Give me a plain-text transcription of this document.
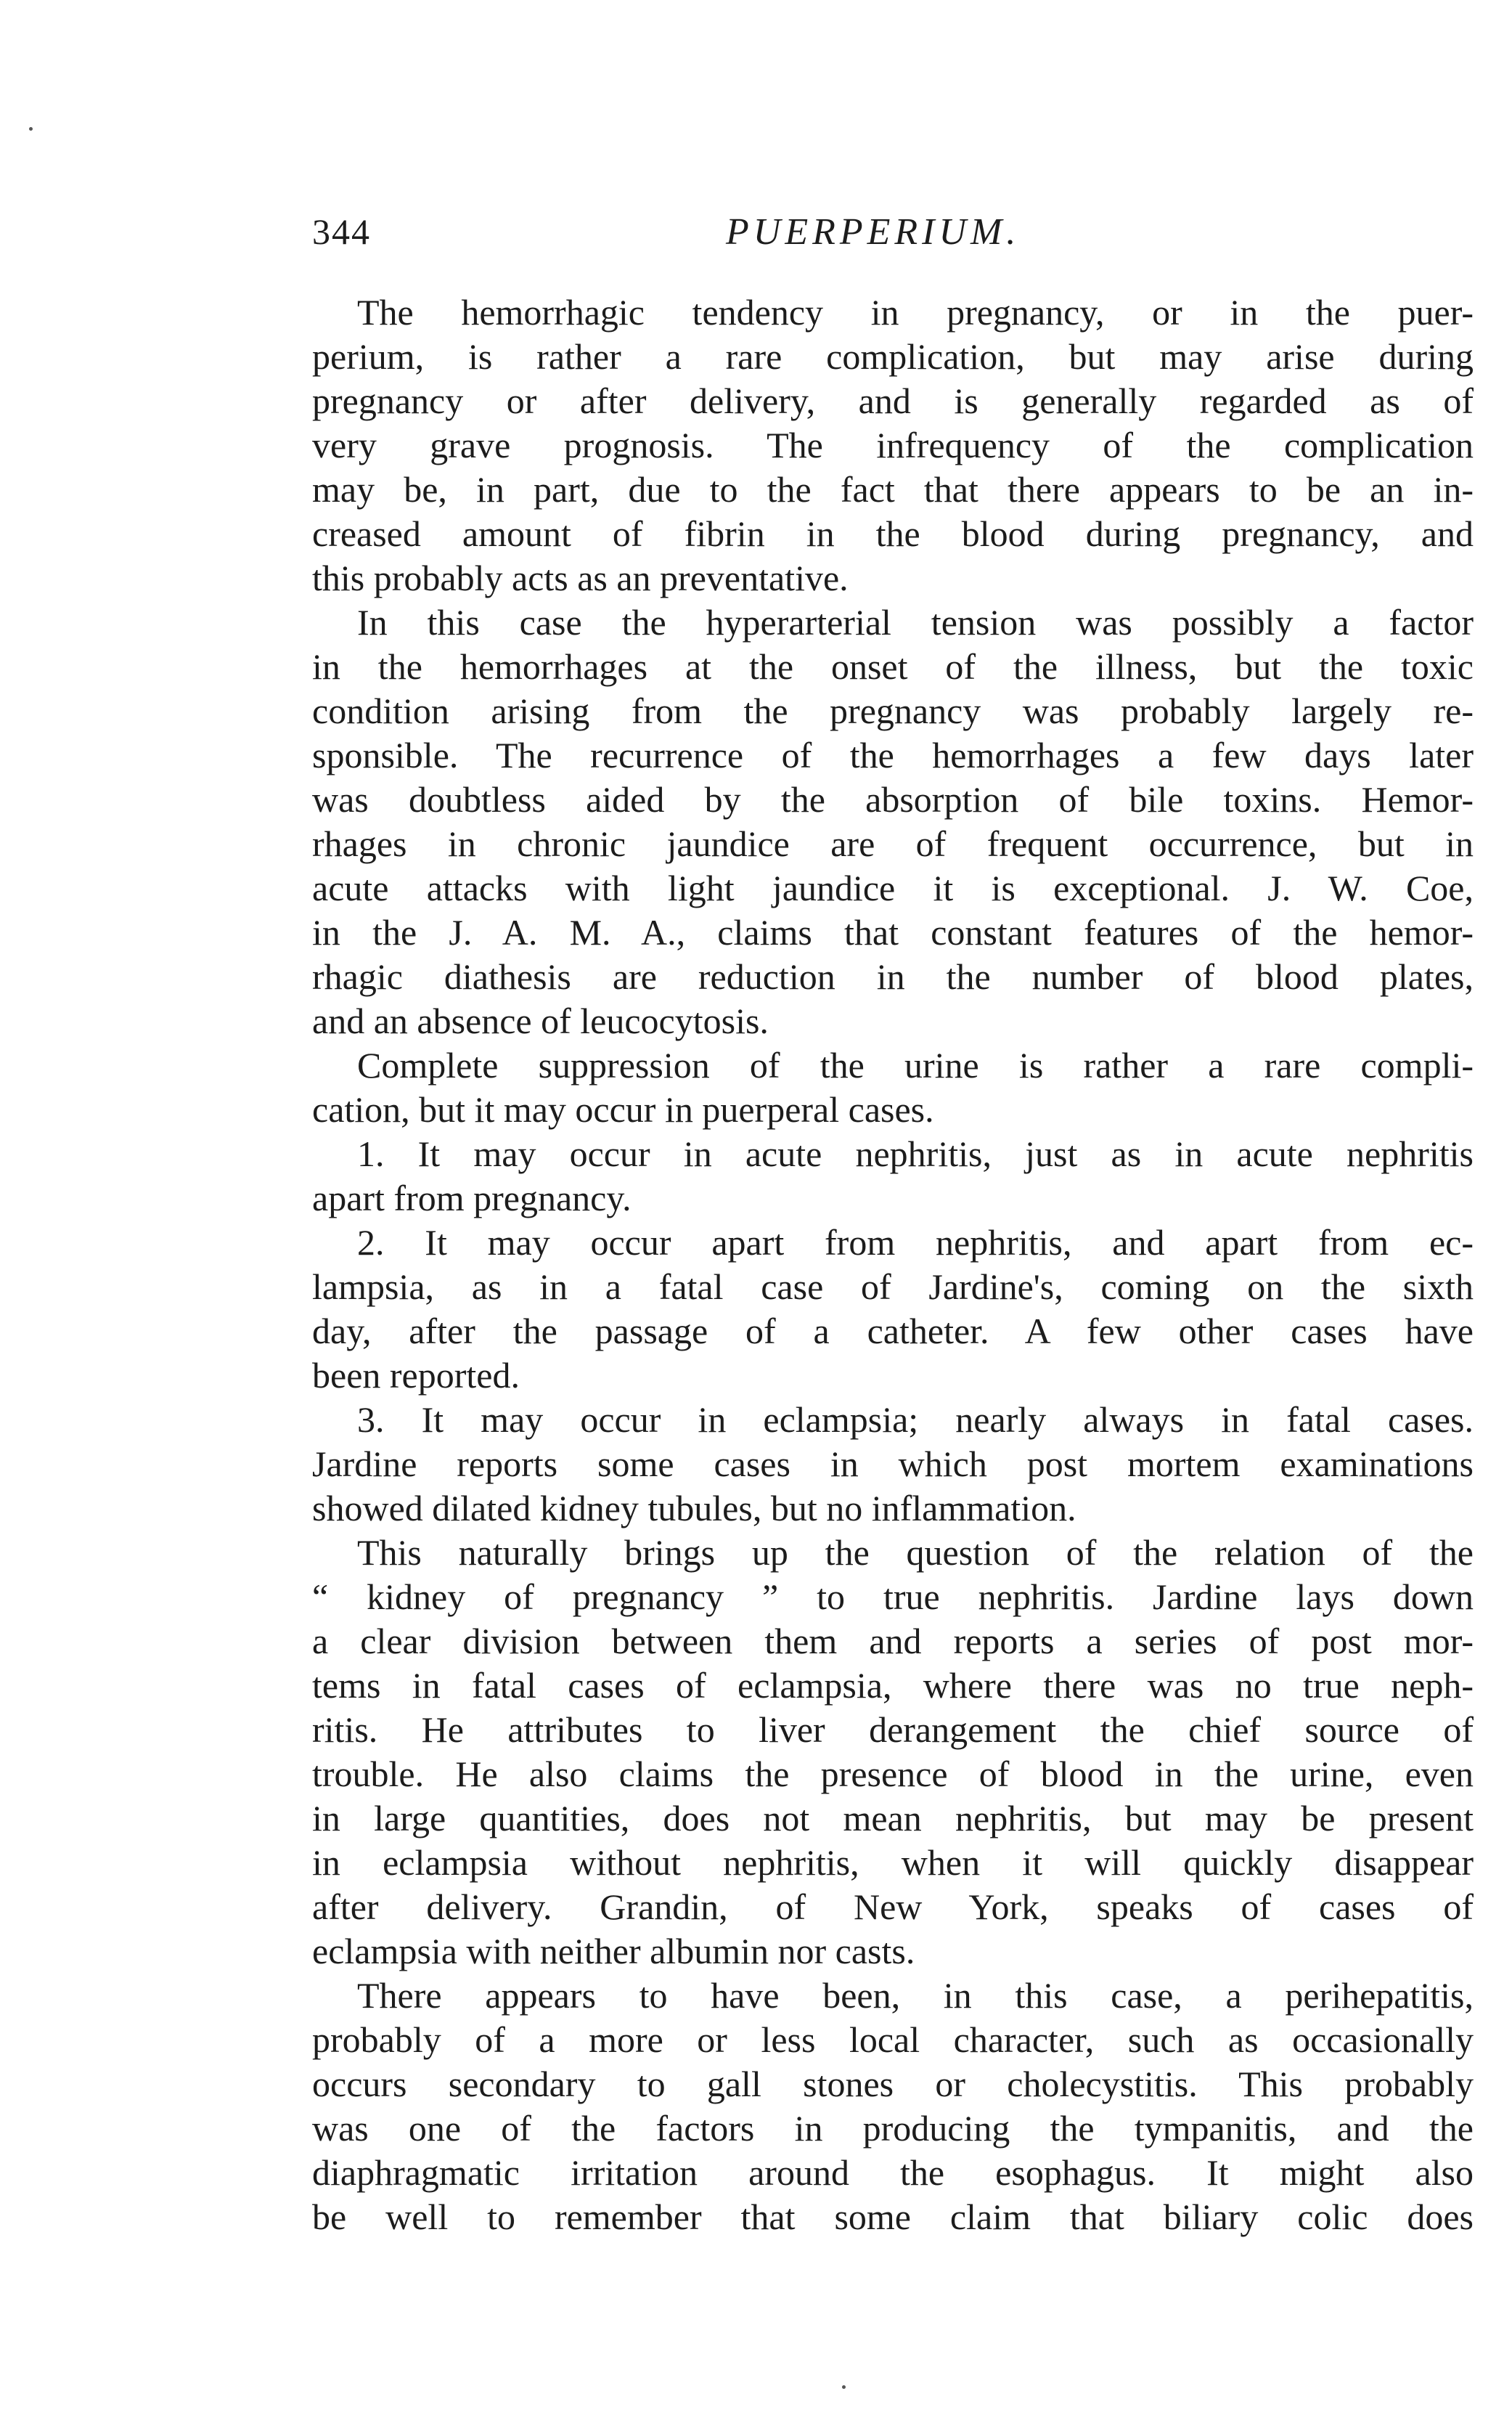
344	PUERPERIUM.
The hemorrhagic tendency in pregnancy, or in the puer-
perium, is rather a rare complication, but may arise during
pregnancy or after delivery, and is generally regarded as of
very grave prognosis. The infrequency of the complication
may be, in part, due to the fact that there appears to be an in-
creased amount of fibrin in the blood during pregnancy, and
this probably acts as an preventative.
In this case the hyperarterial tension was possibly a factor
in the hemorrhages at the onset of the illness, but the toxic
condition arising from the pregnancy was probably largely re-
sponsible. The recurrence of the hemorrhages a few days later
was doubtless aided by the absorption of bile toxins. Hemor-
rhages in chronic jaundice are of frequent occurrence, but in
acute attacks with light jaundice it is exceptional. J. W. Coe,
in the J. A. M. A., claims that constant features of the hemor-
rhagic diathesis are reduction in the number of blood plates,
and an absence of leucocytosis.
Complete suppression of the urine is rather a rare compli-
cation, but it may occur in puerperal cases.
1. It may occur in acute nephritis, just as in acute nephritis
apart from pregnancy.
2. It may occur apart from nephritis, and apart from ec-
lampsia, as in a fatal case of Jardine's, coming on the sixth
day, after the passage of a catheter. A few other cases have
been reported.
3. It may occur in eclampsia; nearly always in fatal cases.
Jardine reports some cases in which post mortem examinations
showed dilated kidney tubules, but no inflammation.
This naturally brings up the question of the relation of the
“ kidney of pregnancy ” to true nephritis. Jardine lays down
a clear division between them and reports a series of post mor-
tems in fatal cases of eclampsia, where there was no true neph-
ritis. He attributes to liver derangement the chief source of
trouble. He also claims the presence of blood in the urine, even
in large quantities, does not mean nephritis, but may be present
in eclampsia without nephritis, when it will quickly disappear
after delivery. Grandin, of New York, speaks of cases of
eclampsia with neither albumin nor casts.
There appears to have been, in this case, a perihepatitis,
probably of a more or less local character, such as occasionally
occurs secondary to gall stones or cholecystitis. This probably
was one of the factors in producing the tympanitis, and the
diaphragmatic irritation around the esophagus. It might also
be well to remember that some claim that biliary colic does
